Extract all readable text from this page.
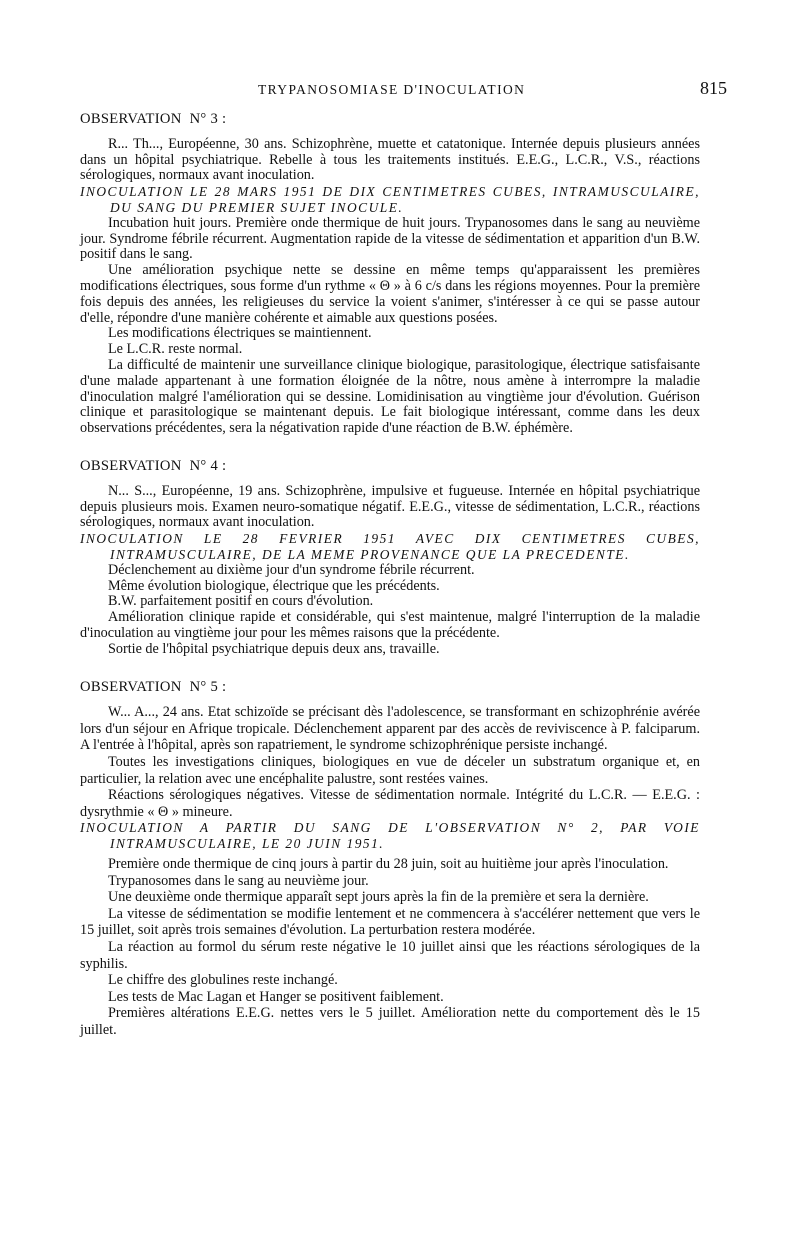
TRYPANOSOMIASE D'INOCULATION	815
OBSERVATION N° 3 :

R... Th..., Européenne, 30 ans. Schizophrène, muette et catatonique. Internée depuis plusieurs années dans un hôpital psychiatrique. Rebelle à tous les traitements institués. E.E.G., L.C.R., V.S., réactions sérologiques, normaux avant inoculation.

INOCULATION LE 28 MARS 1951 DE DIX CENTIMETRES CUBES, INTRAMUSCULAIRE, DU SANG DU PREMIER SUJET INOCULE.

Incubation huit jours. Première onde thermique de huit jours. Trypanosomes dans le sang au neuvième jour. Syndrome fébrile récurrent. Augmentation rapide de la vitesse de sédimentation et apparition d'un B.W. positif dans le sang.

Une amélioration psychique nette se dessine en même temps qu'apparaissent les premières modifications électriques, sous forme d'un rythme « Θ » à 6 c/s dans les régions moyennes. Pour la première fois depuis des années, les religieuses du service la voient s'animer, s'intéresser à ce qui se passe autour d'elle, répondre d'une manière cohérente et aimable aux questions posées.

Les modifications électriques se maintiennent.

Le L.C.R. reste normal.

La difficulté de maintenir une surveillance clinique biologique, parasitologique, électrique satisfaisante d'une malade appartenant à une formation éloignée de la nôtre, nous amène à interrompre la maladie d'inoculation malgré l'amélioration qui se dessine. Lomidinisation au vingtième jour d'évolution. Guérison clinique et parasitologique se maintenant depuis. Le fait biologique intéressant, comme dans les deux observations précédentes, sera la négativation rapide d'une réaction de B.W. éphémère.

OBSERVATION N° 4 :

N... S..., Européenne, 19 ans. Schizophrène, impulsive et fugueuse. Internée en hôpital psychiatrique depuis plusieurs mois. Examen neuro-somatique négatif. E.E.G., vitesse de sédimentation, L.C.R., réactions sérologiques, normaux avant inoculation.

INOCULATION LE 28 FEVRIER 1951 AVEC DIX CENTIMETRES CUBES, INTRAMUSCULAIRE, DE LA MEME PROVENANCE QUE LA PRECEDENTE.

Déclenchement au dixième jour d'un syndrome fébrile récurrent.

Même évolution biologique, électrique que les précédents.

B.W. parfaitement positif en cours d'évolution.

Amélioration clinique rapide et considérable, qui s'est maintenue, malgré l'interruption de la maladie d'inoculation au vingtième jour pour les mêmes raisons que la précédente.

Sortie de l'hôpital psychiatrique depuis deux ans, travaille.

OBSERVATION N° 5 :

W... A..., 24 ans. Etat schizoïde se précisant dès l'adolescence, se transformant en schizophrénie avérée lors d'un séjour en Afrique tropicale. Déclenchement apparent par des accès de reviviscence à P. falciparum. A l'entrée à l'hôpital, après son rapatriement, le syndrome schizophrénique persiste inchangé.

Toutes les investigations cliniques, biologiques en vue de déceler un substratum organique et, en particulier, la relation avec une encéphalite palustre, sont restées vaines.

Réactions sérologiques négatives. Vitesse de sédimentation normale. Intégrité du L.C.R. — E.E.G. : dysrythmie « Θ » mineure.

INOCULATION A PARTIR DU SANG DE L'OBSERVATION N° 2, PAR VOIE INTRAMUSCULAIRE, LE 20 JUIN 1951.

Première onde thermique de cinq jours à partir du 28 juin, soit au huitième jour après l'inoculation.

Trypanosomes dans le sang au neuvième jour.

Une deuxième onde thermique apparaît sept jours après la fin de la première et sera la dernière.

La vitesse de sédimentation se modifie lentement et ne commencera à s'accélérer nettement que vers le 15 juillet, soit après trois semaines d'évolution. La perturbation restera modérée.

La réaction au formol du sérum reste négative le 10 juillet ainsi que les réactions sérologiques de la syphilis.

Le chiffre des globulines reste inchangé.

Les tests de Mac Lagan et Hanger se positivent faiblement.

Premières altérations E.E.G. nettes vers le 5 juillet. Amélioration nette du comportement dès le 15 juillet.
